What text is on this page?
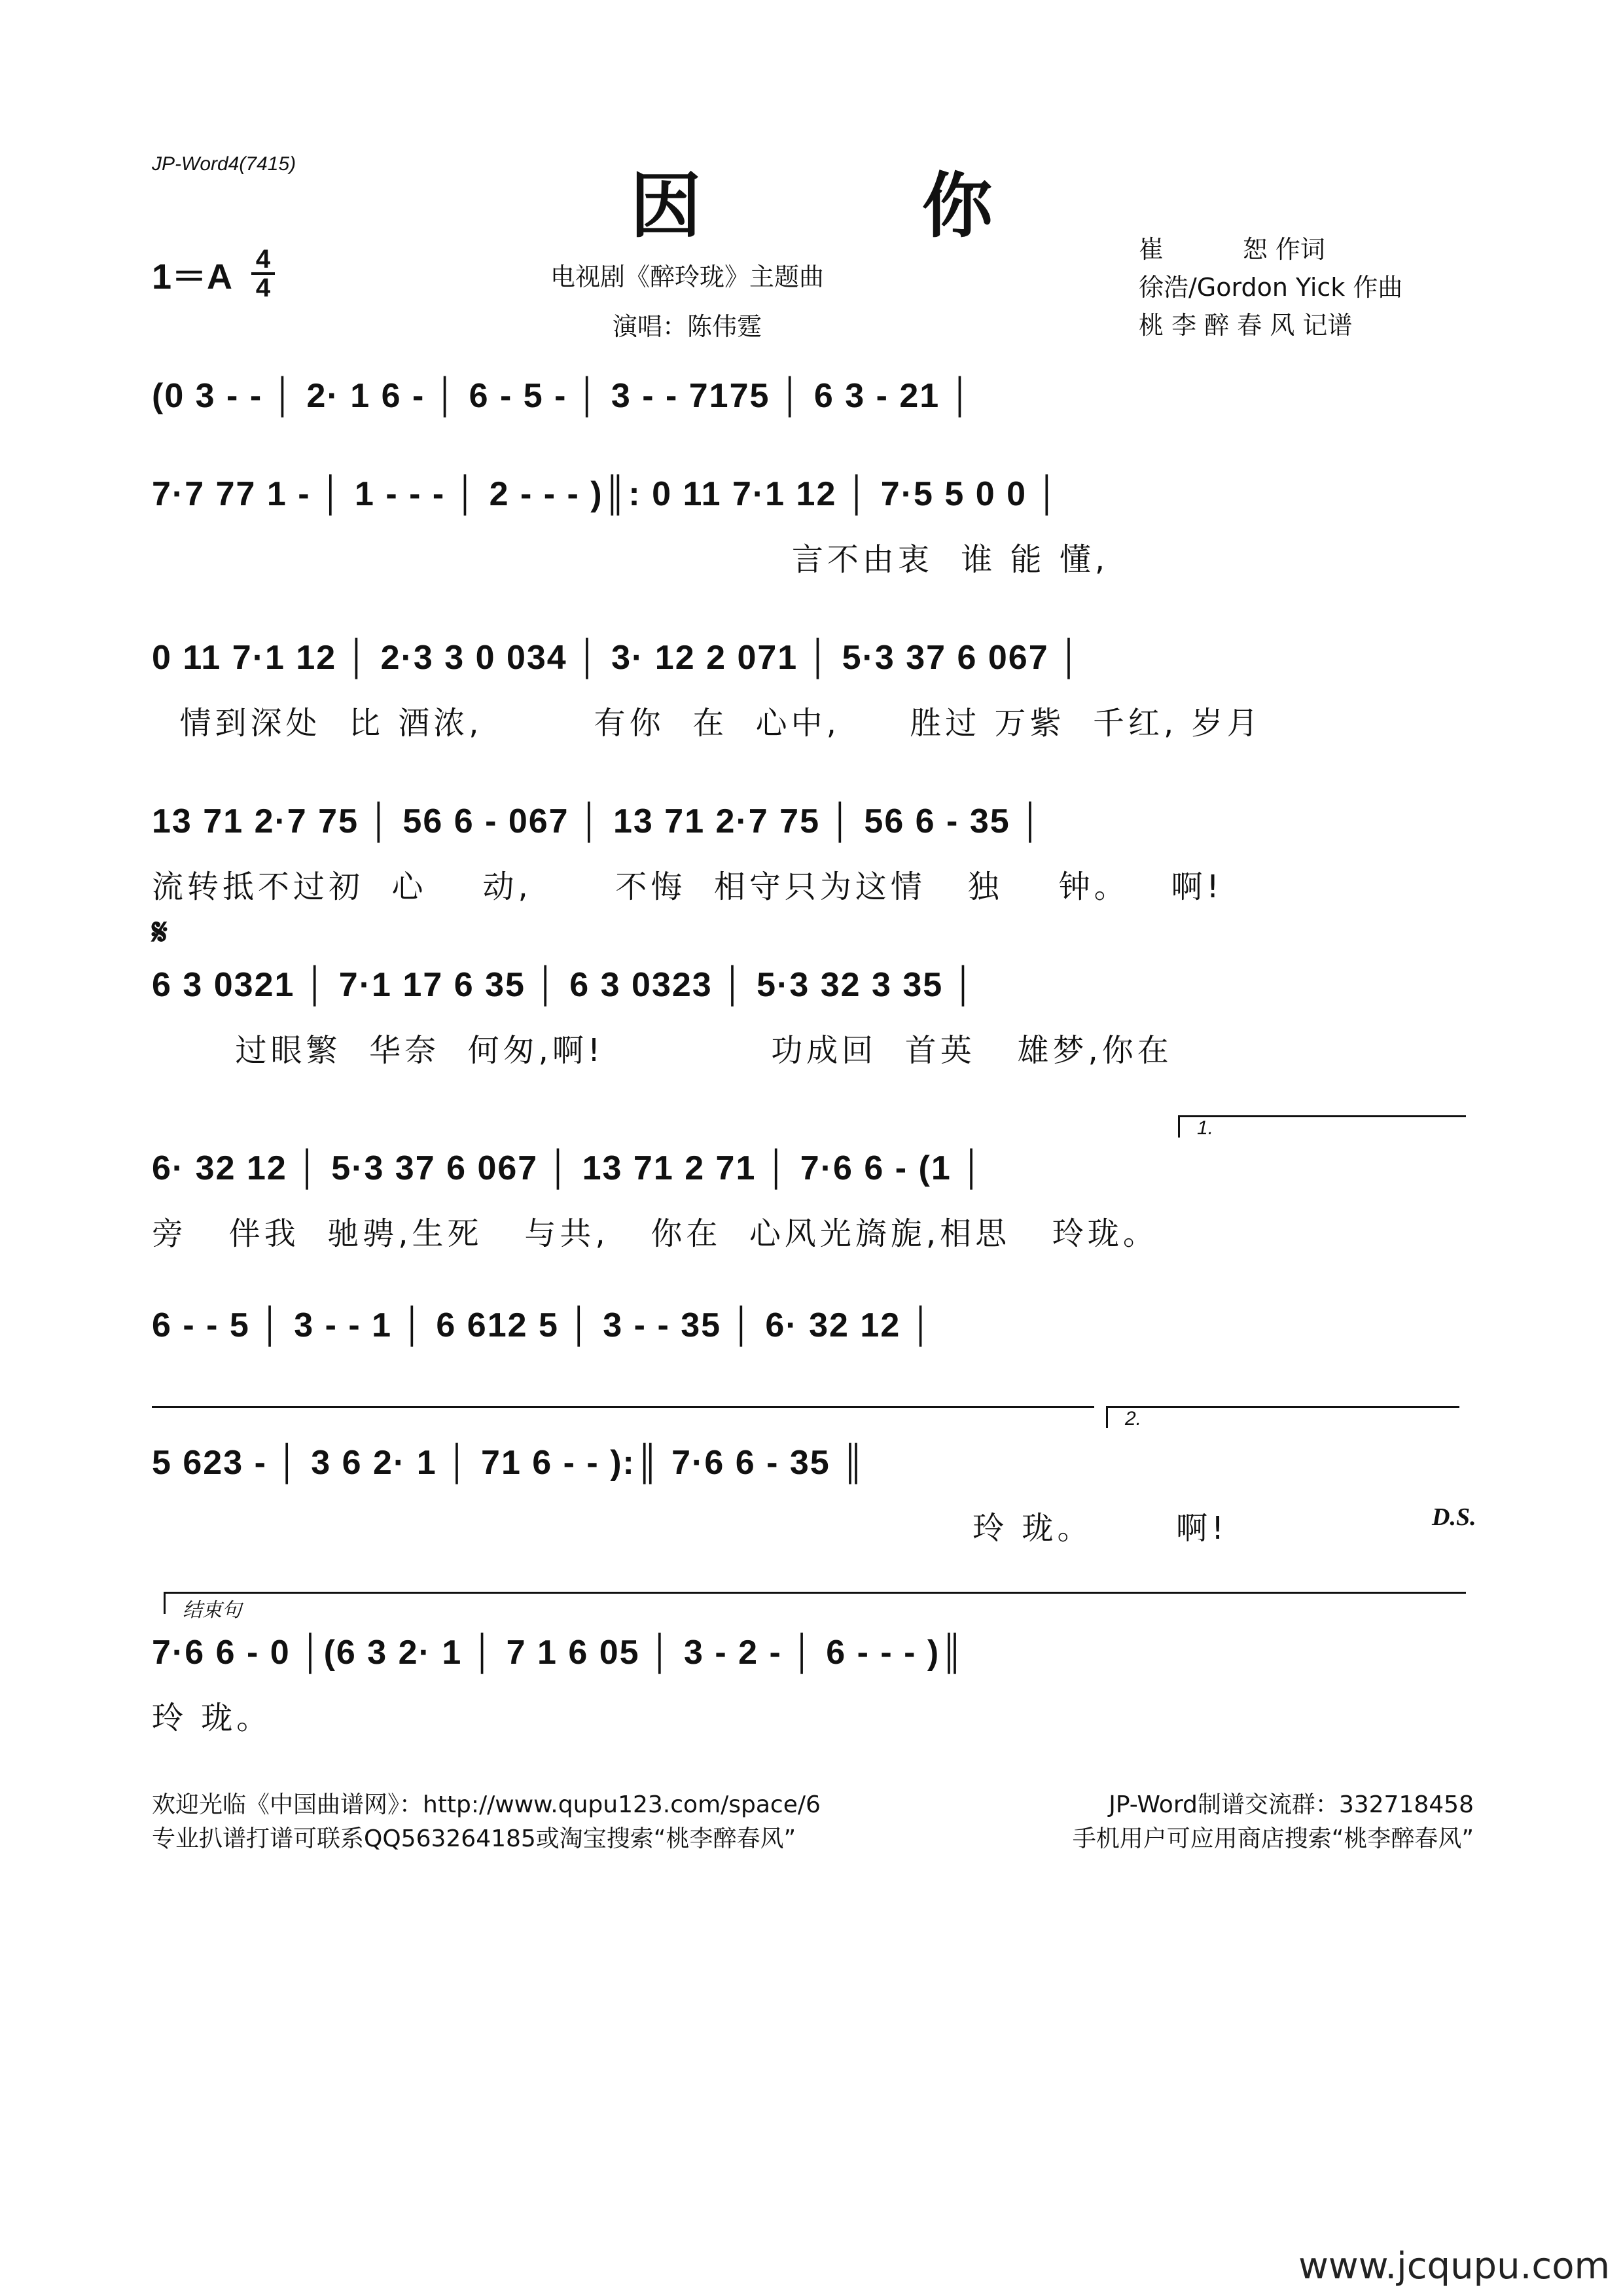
JP-Word4(7415)
因 你
1＝A 4
4	电视剧《醉玲珑》主题曲
演唱：陈伟霆
崔          恕 作词
徐浩/Gordon Yick 作曲
桃 李 醉 春 风 记谱
(0 3 - - │ 2· 1 6 - │ 6 - 5 - │ 3 - - 7175 │ 6 3 - 21 │
7·7 77 1 - │ 1 - - - │ 2 - - - )║: 0 11 7·1 12 │ 7·5 5 0 0 │
言不由衷  谁 能 懂,
0 11 7·1 12 │ 2·3 3 0 034 │ 3· 12 2 071 │ 5·3 37 6 067 │
情到深处  比 酒浓,        有你  在  心中,     胜过 万紫  千红, 岁月
13 71 2·7 75 │ 56 6 - 067 │ 13 71 2·7 75 │ 56 6 - 35 │
流转抵不过初  心    动,      不悔  相守只为这情   独    钟。   啊!
𝄋
6 3 0321 │ 7·1 17 6 35 │ 6 3 0323 │ 5·3 32 3 35 │
过眼繁  华奈  何匆,啊!            功成回  首英   雄梦,你在
1.
6· 32 12 │ 5·3 37 6 067 │ 13 71 2 71 │ 7·6 6 - (1 │
旁   伴我  驰骋,生死   与共,   你在  心风光旖旎,相思   玲珑。
6 - - 5 │ 3 - - 1 │ 6 612 5 │ 3 - - 35 │ 6· 32 12 │
2.
5 623 - │ 3 6 2· 1 │ 71 6 - - ):║ 7·6 6 - 35 ║
玲 珑。      啊!	D.S.
结束句
7·6 6 - 0 │(6 3 2· 1 │ 7 1 6 05 │ 3 - 2 - │ 6 - - - )║
玲 珑。
欢迎光临《中国曲谱网》：http://www.qupu123.com/space/6	JP-Word制谱交流群：332718458
专业扒谱打谱可联系QQ563264185或淘宝搜索“桃李醉春风”	手机用户可应用商店搜索“桃李醉春风”
www.jcqupu.com
